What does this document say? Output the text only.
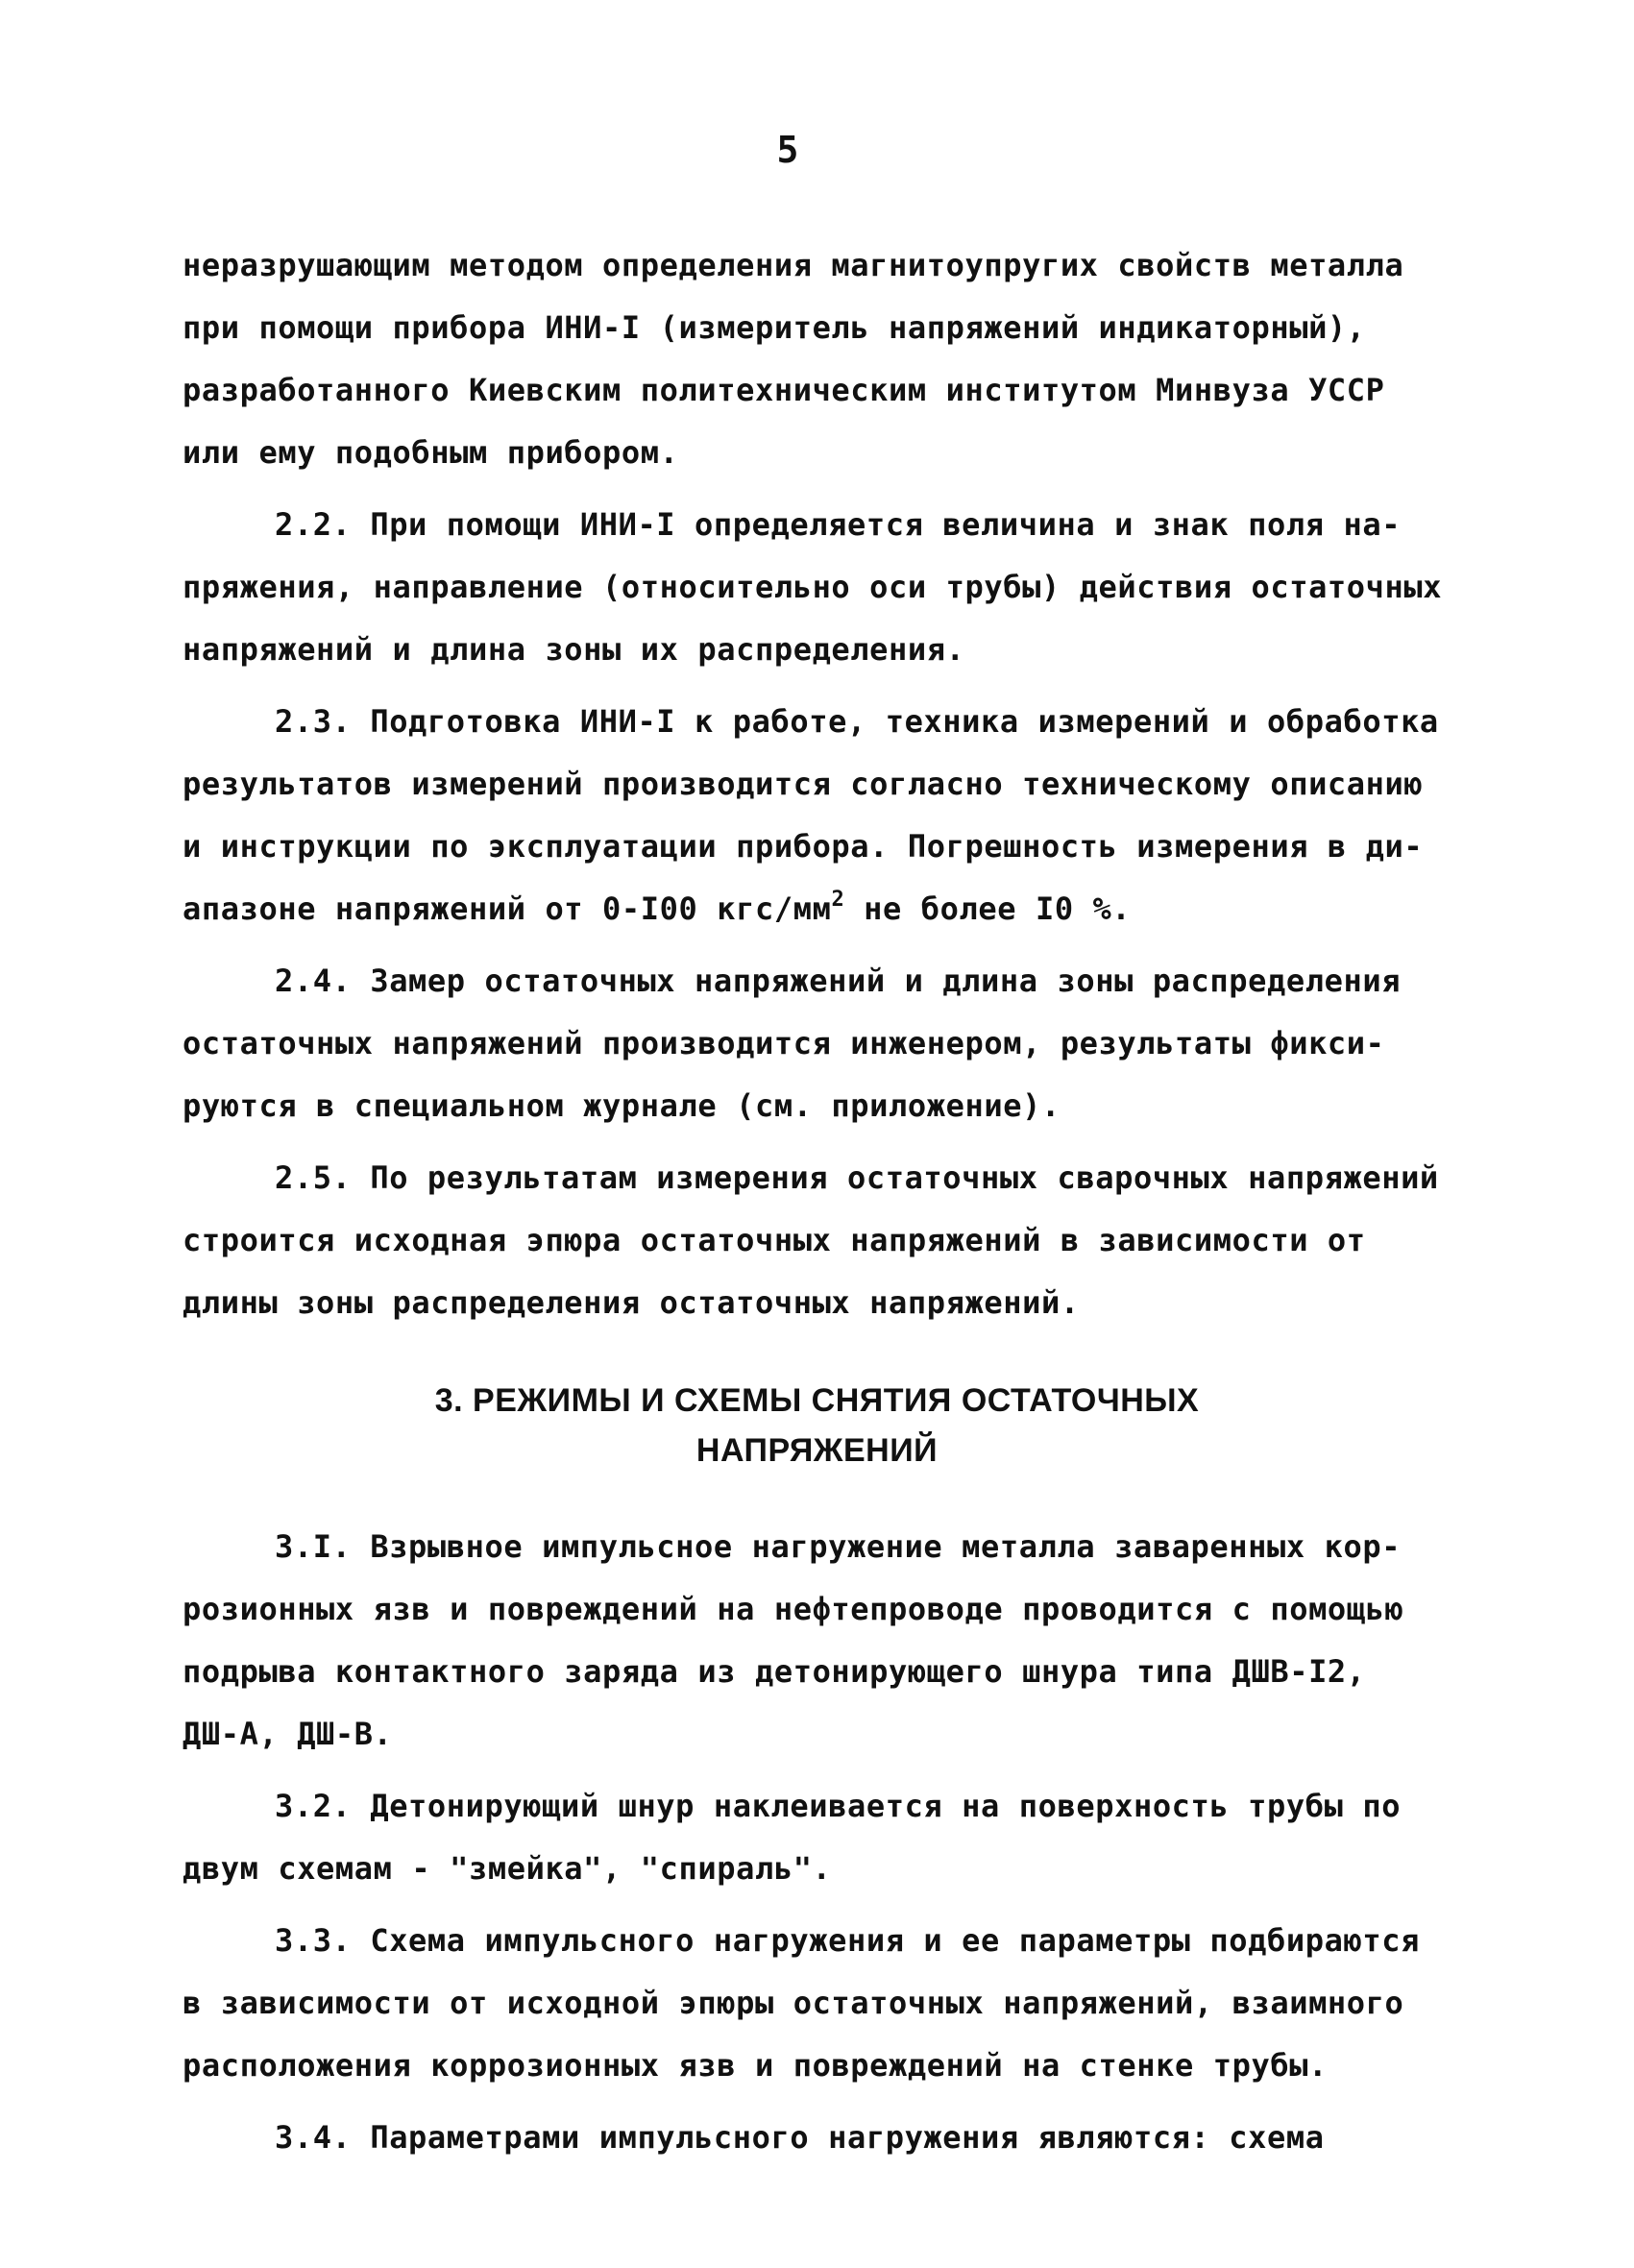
5
неразрушающим методом определения магнитоупругих свойств металла
при помощи прибора ИНИ-I (измеритель напряжений индикаторный),
разработанного Киевским политехническим институтом Минвуза УССР
или ему подобным прибором.
2.2. При помощи ИНИ-I определяется величина и знак поля на-
пряжения, направление (относительно оси трубы) действия остаточных
напряжений и длина зоны их распределения.
2.3. Подготовка ИНИ-I к работе, техника измерений и обработка
результатов измерений производится согласно техническому описанию
и инструкции по эксплуатации прибора. Погрешность измерения в ди-
апазоне напряжений от 0-I00 кгс/$мм^2$ не более I0 %.
2.4. Замер остаточных напряжений и длина зоны распределения
остаточных напряжений производится инженером, результаты фикси-
руются в специальном журнале (см. приложение).
2.5. По результатам измерения остаточных сварочных напряжений
строится исходная эпюра остаточных напряжений в зависимости от
длины зоны распределения остаточных напряжений.
3. РЕЖИМЫ И СХЕМЫ СНЯТИЯ ОСТАТОЧНЫХ
НАПРЯЖЕНИЙ
3.I. Взрывное импульсное нагружение металла заваренных кор-
розионных язв и повреждений на нефтепроводе проводится с помощью
подрыва контактного заряда из детонирующего шнура типа ДШВ-I2,
ДШ-А, ДШ-В.
3.2. Детонирующий шнур наклеивается на поверхность трубы по
двум схемам - "змейка", "спираль".
3.3. Схема импульсного нагружения и ее параметры подбираются
в зависимости от исходной эпюры остаточных напряжений, взаимного
расположения коррозионных язв и повреждений на стенке трубы.
3.4. Параметрами импульсного нагружения являются: схема
